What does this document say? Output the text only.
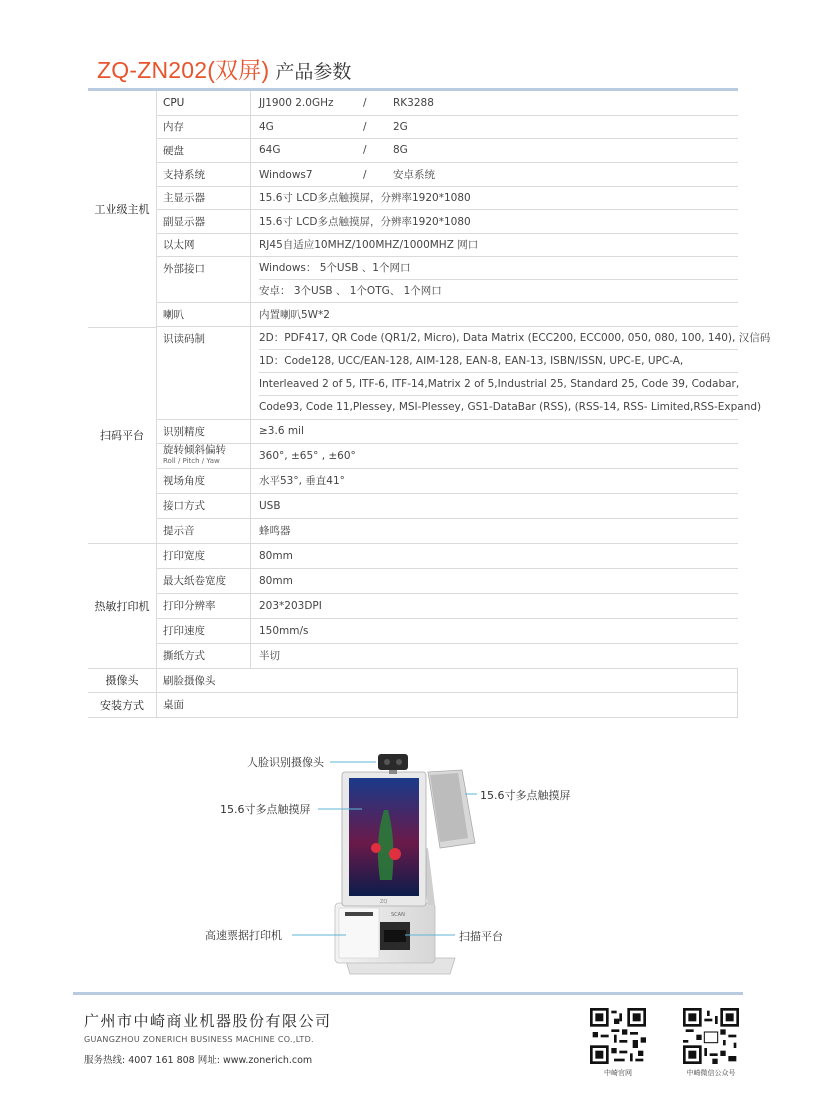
ZQ-ZN202(双屏) 产品参数
工业级主机	CPU	JJ1900 2.0GHz / RK3288
	内存	4G / 2G
	硬盘	64G / 8G
	支持系统	Windows7 / 安卓系统
	主显示器	15.6寸 LCD多点触摸屏，分辨率1920*1080
	副显示器	15.6寸 LCD多点触摸屏，分辨率1920*1080
	以太网	RJ45自适应10MHZ/100MHZ/1000MHZ 网口
	外部接口	Windows： 5个USB 、1个网口
安卓： 3个USB 、 1个OTG、 1个网口

	喇叭	内置喇叭5W*2

扫码平台	识读码制	2D：PDF417, QR Code (QR1/2, Micro), Data Matrix (ECC200, ECC000, 050, 080, 100, 140), 汉信码
1D：Code128, UCC/EAN-128, AIM-128, EAN-8, EAN-13, ISBN/ISSN, UPC-E, UPC-A,
Interleaved 2 of 5, ITF-6, ITF-14,Matrix 2 of 5,Industrial 25, Standard 25, Code 39, Codabar,
Code93, Code 11,Plessey, MSI-Plessey, GS1-DataBar (RSS), (RSS-14, RSS- Limited,RSS-Expand)

	识别精度	≥3.6 mil

	旋转倾斜偏转
Roll / Pitch / Yaw	360°, ±65° , ±60°
	视场角度	水平53°, 垂直41°
	接口方式	USB
	提示音	蜂鸣器
热敏打印机	打印宽度	80mm
	最大纸卷宽度	80mm
	打印分辨率	203*203DPI
	打印速度	150mm/s
	撕纸方式	半切
摄像头	刷脸摄像头	
安装方式	桌面	
SCAN
ZQ
人脸识别摄像头
15.6寸多点触摸屏
15.6寸多点触摸屏
高速票据打印机	扫描平台
广州市中崎商业机器股份有限公司
GUANGZHOU ZONERICH BUSINESS MACHINE CO.,LTD.
服务热线: 4007 161 808 网址: www.zonerich.com
中崎官网	中崎微信公众号
